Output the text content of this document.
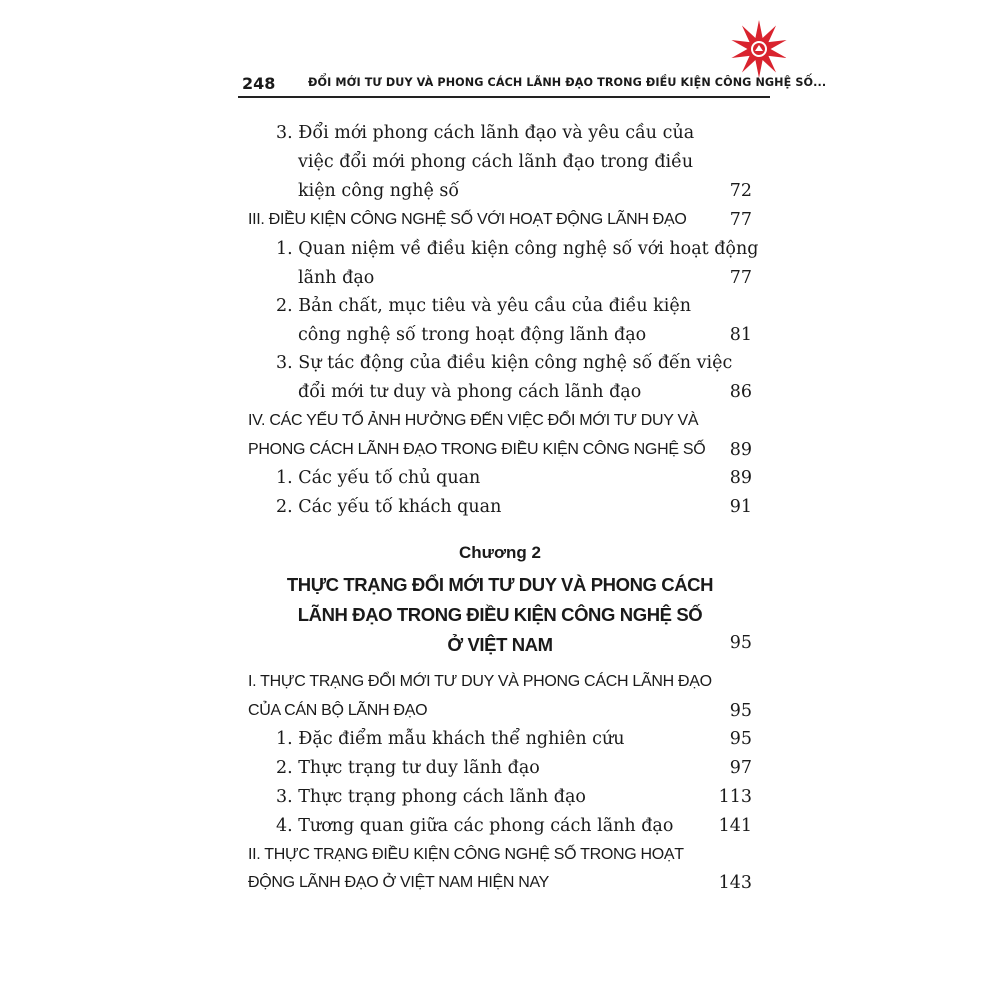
248	ĐỔI MỚI TƯ DUY VÀ PHONG CÁCH LÃNH ĐẠO TRONG ĐIỀU KIỆN CÔNG NGHỆ SỐ...
3. Đổi mới phong cách lãnh đạo và yêu cầu của
việc đổi mới phong cách lãnh đạo trong điều
kiện công nghệ số	72
III. ĐIỀU KIỆN CÔNG NGHỆ SỐ VỚI HOẠT ĐỘNG LÃNH ĐẠO 77
1. Quan niệm về điều kiện công nghệ số với hoạt động
lãnh đạo	77
2. Bản chất, mục tiêu và yêu cầu của điều kiện
công nghệ số trong hoạt động lãnh đạo	81
3. Sự tác động của điều kiện công nghệ số đến việc
đổi mới tư duy và phong cách lãnh đạo	86
IV. CÁC YẾU TỐ ẢNH HƯỞNG ĐẾN VIỆC ĐỔI MỚI TƯ DUY VÀ
PHONG CÁCH LÃNH ĐẠO TRONG ĐIỀU KIỆN CÔNG NGHỆ SỐ 89
1. Các yếu tố chủ quan	89
2. Các yếu tố khách quan	91
Chương 2
THỰC TRẠNG ĐỔI MỚI TƯ DUY VÀ PHONG CÁCH
LÃNH ĐẠO TRONG ĐIỀU KIỆN CÔNG NGHỆ SỐ
Ở VIỆT NAM	95
I. THỰC TRẠNG ĐỔI MỚI TƯ DUY VÀ PHONG CÁCH LÃNH ĐẠO
CỦA CÁN BỘ LÃNH ĐẠO	95
1. Đặc điểm mẫu khách thể nghiên cứu	95
2. Thực trạng tư duy lãnh đạo	97
3. Thực trạng phong cách lãnh đạo	113
4. Tương quan giữa các phong cách lãnh đạo	141
II. THỰC TRẠNG ĐIỀU KIỆN CÔNG NGHỆ SỐ TRONG HOẠT
ĐỘNG LÃNH ĐẠO Ở VIỆT NAM HIỆN NAY	143
